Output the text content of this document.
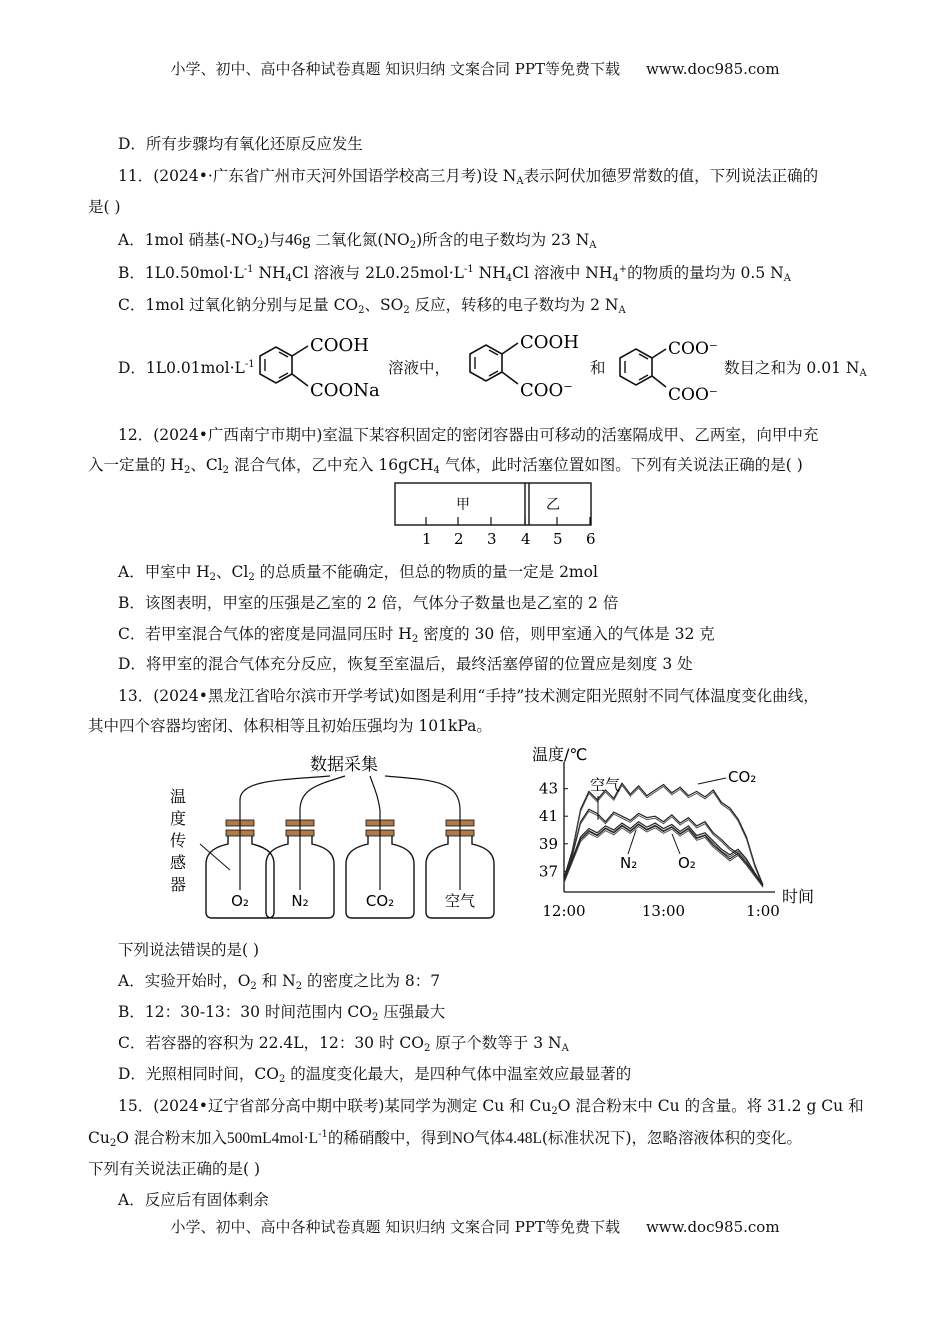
小学、初中、高中各种试卷真题 知识归纳 文案合同 PPT等免费下载 www.doc985.com
D．所有步骤均有氧化还原反应发生
11．(2024•·广东省广州市天河外国语学校高三月考)设 $N_A$表示阿伏加德罗常数的值，下列说法正确的
是( )
A．1mol 硝基$(-NO_2)$与46g 二氧化氮$(NO_2)$所含的电子数均为 23 $N_A$
B．$1L0.50mol\cdot L^{-1}$ $NH_4Cl$ 溶液与 $2L0.25mol\cdot L^{-1}$ $NH_4Cl$ 溶液中 $NH_4^+$的物质的量均为 0.5 $N_A$
C．1mol 过氧化钠分别与足量 $CO_2$、$SO_2$ 反应，转移的电子数均为 2 $N_A$
D．$1L0.01mol\cdot L^{-1}$
COOH
COONa
溶液中，
COOH
COO⁻
和
COO⁻
COO⁻
数目之和为 0.01 $N_A$
12．(2024•广西南宁市期中)室温下某容积固定的密闭容器由可移动的活塞隔成甲、乙两室，向甲中充
入一定量的 $H_2$、$Cl_2$ 混合气体，乙中充入 16gCH$_4$ 气体，此时活塞位置如图。下列有关说法正确的是( )
甲	乙
1 2 3 4 5 6
A．甲室中 $H_2$、$Cl_2$ 的总质量不能确定，但总的物质的量一定是 2mol
B．该图表明，甲室的压强是乙室的 2 倍，气体分子数量也是乙室的 2 倍
C．若甲室混合气体的密度是同温同压时 $H_2$ 密度的 30 倍，则甲室通入的气体是 32 克
D．将甲室的混合气体充分反应，恢复至室温后，最终活塞停留的位置应是刻度 3 处
13．(2024•黑龙江省哈尔滨市开学考试)如图是利用“手持”技术测定阳光照射不同气体温度变化曲线，
其中四个容器均密闭、体积相等且初始压强均为 101kPa。
数据采集
温
度
传
感
器
O₂	N₂	CO₂	空气
温度/℃
时间
37
39
41
43
12:00	13:00	1:00
空气	CO₂
N₂	O₂
下列说法错误的是( )
A．实验开始时，$O_2$ 和 $N_2$ 的密度之比为 8：7
B．12：30-13：30 时间范围内 $CO_2$ 压强最大
C．若容器的容积为 22.4L，12：30 时 $CO_2$ 原子个数等于 3 $N_A$
D．光照相同时间，$CO_2$ 的温度变化最大，是四种气体中温室效应最显著的
15．(2024•辽宁省部分高中期中联考)某同学为测定 Cu 和 $Cu_2O$ 混合粉末中 Cu 的含量。将 31.2 g Cu 和
$Cu_2O$ 混合粉末加入$500mL4mol\cdot L^{-1}$的稀硝酸中，得到NO气体4.48L(标准状况下)，忽略溶液体积的变化。
下列有关说法正确的是( )
A．反应后有固体剩余
小学、初中、高中各种试卷真题 知识归纳 文案合同 PPT等免费下载 www.doc985.com
